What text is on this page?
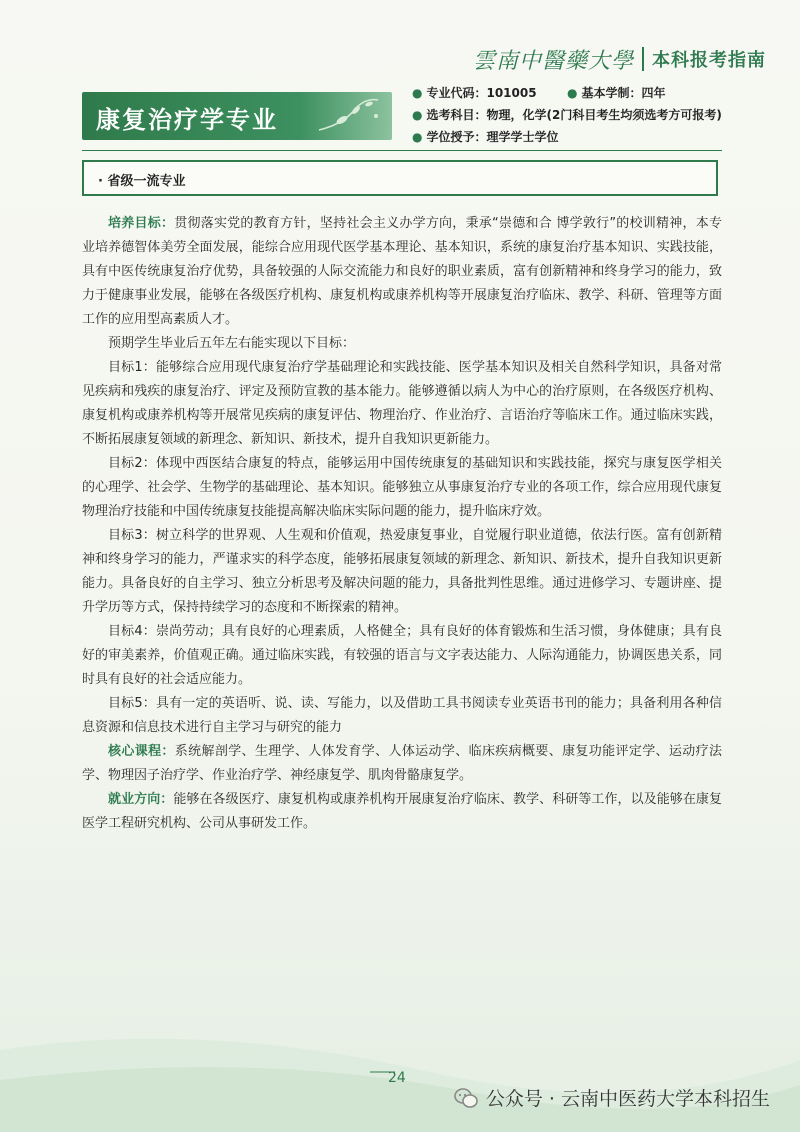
雲南中醫藥大學 本科报考指南
康复治疗学专业
● 专业代码：101005	● 基本学制：四年
● 选考科目：物理，化学(2门科目考生均须选考方可报考)
● 学位授予：理学学士学位
· 省级一流专业

培养目标：贯彻落实党的教育方针，坚持社会主义办学方向，秉承“崇德和合 博学敦行”的校训精神，本专业培养德智体美劳全面发展，能综合应用现代医学基本理论、基本知识，系统的康复治疗基本知识、实践技能，具有中医传统康复治疗优势，具备较强的人际交流能力和良好的职业素质，富有创新精神和终身学习的能力，致力于健康事业发展，能够在各级医疗机构、康复机构或康养机构等开展康复治疗临床、教学、科研、管理等方面工作的应用型高素质人才。

预期学生毕业后五年左右能实现以下目标：

目标1：能够综合应用现代康复治疗学基础理论和实践技能、医学基本知识及相关自然科学知识，具备对常见疾病和残疾的康复治疗、评定及预防宣教的基本能力。能够遵循以病人为中心的治疗原则，在各级医疗机构、康复机构或康养机构等开展常见疾病的康复评估、物理治疗、作业治疗、言语治疗等临床工作。通过临床实践，不断拓展康复领域的新理念、新知识、新技术，提升自我知识更新能力。

目标2：体现中西医结合康复的特点，能够运用中国传统康复的基础知识和实践技能，探究与康复医学相关的心理学、社会学、生物学的基础理论、基本知识。能够独立从事康复治疗专业的各项工作，综合应用现代康复物理治疗技能和中国传统康复技能提高解决临床实际问题的能力，提升临床疗效。

目标3：树立科学的世界观、人生观和价值观，热爱康复事业，自觉履行职业道德，依法行医。富有创新精神和终身学习的能力，严谨求实的科学态度，能够拓展康复领域的新理念、新知识、新技术，提升自我知识更新能力。具备良好的自主学习、独立分析思考及解决问题的能力，具备批判性思维。通过进修学习、专题讲座、提升学历等方式，保持持续学习的态度和不断探索的精神。

目标4：崇尚劳动；具有良好的心理素质，人格健全；具有良好的体育锻炼和生活习惯，身体健康；具有良好的审美素养，价值观正确。通过临床实践，有较强的语言与文字表达能力、人际沟通能力，协调医患关系，同时具有良好的社会适应能力。

目标5：具有一定的英语听、说、读、写能力，以及借助工具书阅读专业英语书刊的能力；具备利用各种信息资源和信息技术进行自主学习与研究的能力

核心课程：系统解剖学、生理学、人体发育学、人体运动学、临床疾病概要、康复功能评定学、运动疗法学、物理因子治疗学、作业治疗学、神经康复学、肌肉骨骼康复学。

就业方向：能够在各级医疗、康复机构或康养机构开展康复治疗临床、教学、科研等工作，以及能够在康复医学工程研究机构、公司从事研发工作。

24
公众号 · 云南中医药大学本科招生
